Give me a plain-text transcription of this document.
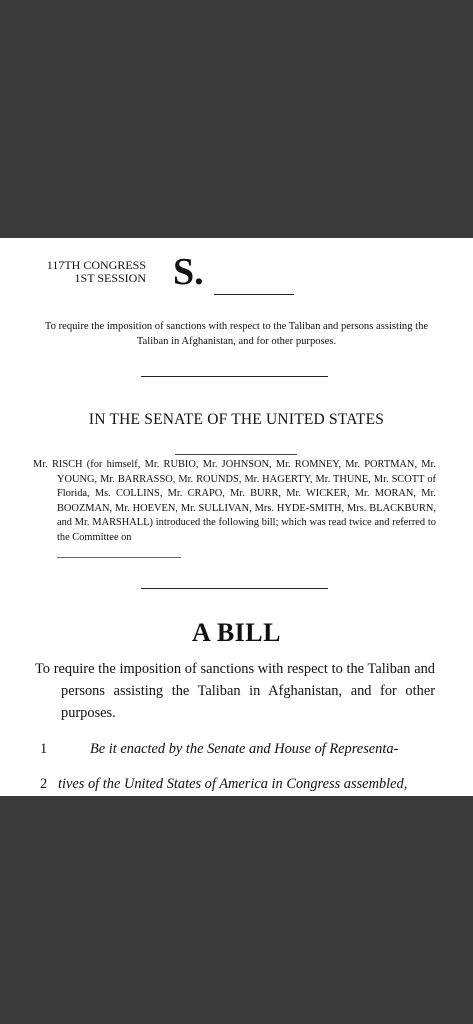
117TH CONGRESS
1ST SESSION S.
To require the imposition of sanctions with respect to the Taliban and persons assisting the Taliban in Afghanistan, and for other purposes.
IN THE SENATE OF THE UNITED STATES

Mr. RISCH (for himself, Mr. RUBIO, Mr. JOHNSON, Mr. ROMNEY, Mr. PORTMAN, Mr. YOUNG, Mr. BARRASSO, Mr. ROUNDS, Mr. HAGERTY, Mr. THUNE, Mr. SCOTT of Florida, Ms. COLLINS, Mr. CRAPO, Mr. BURR, Mr. WICKER, Mr. MORAN, Mr. BOOZMAN, Mr. HOEVEN, Mr. SULLIVAN, Mrs. HYDE-SMITH, Mrs. BLACKBURN, and Mr. MARSHALL) introduced the following bill; which was read twice and referred to the Committee on

A BILL
To require the imposition of sanctions with respect to the Taliban and persons assisting the Taliban in Afghanistan, and for other purposes.
1	Be it enacted by the Senate and House of Representa-
2 tives of the United States of America in Congress assembled,
